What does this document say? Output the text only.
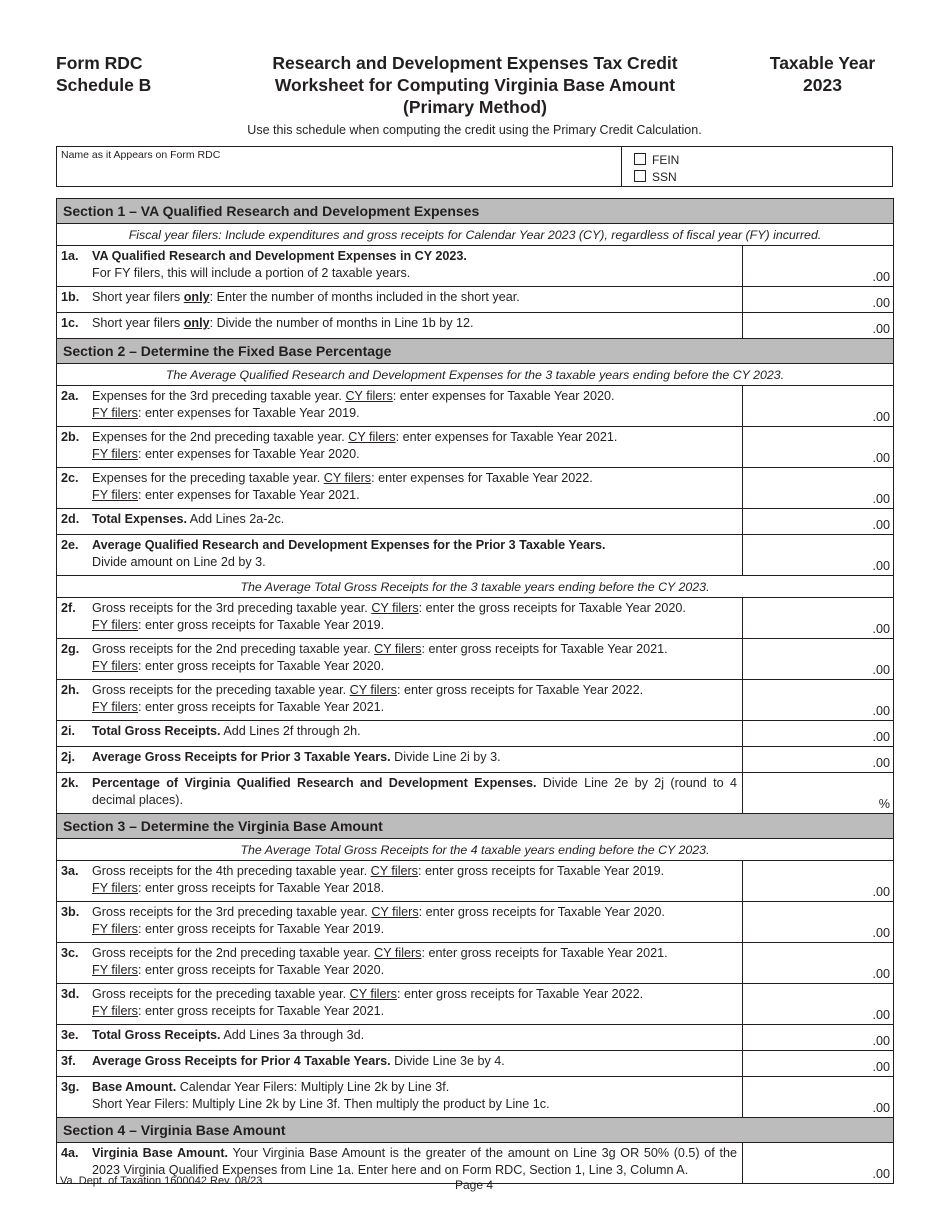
Form RDC
Schedule B
Research and Development Expenses Tax Credit
Worksheet for Computing Virginia Base Amount
(Primary Method)
Taxable Year
2023
Use this schedule when computing the credit using the Primary Credit Calculation.
Name as it Appears on Form RDC	FEIN
SSN
Section 1 – VA Qualified Research and Development Expenses	
Fiscal year filers: Include expenditures and gross receipts for Calendar Year 2023 (CY), regardless of fiscal year (FY) incurred.	

1a. VA Qualified Research and Development Expenses in CY 2023.
For FY filers, this will include a portion of 2 taxable years.	.00

1b. Short year filers only: Enter the number of months included in the short year.	.00

1c. Short year filers only: Divide the number of months in Line 1b by 12.	.00
Section 2 – Determine the Fixed Base Percentage	
The Average Qualified Research and Development Expenses for the 3 taxable years ending before the CY 2023.	

2a. Expenses for the 3rd preceding taxable year. CY filers: enter expenses for Taxable Year 2020.
FY filers: enter expenses for Taxable Year 2019.	.00

2b. Expenses for the 2nd preceding taxable year. CY filers: enter expenses for Taxable Year 2021.
FY filers: enter expenses for Taxable Year 2020.	.00

2c. Expenses for the preceding taxable year. CY filers: enter expenses for Taxable Year 2022.
FY filers: enter expenses for Taxable Year 2021.	.00

2d. Total Expenses. Add Lines 2a-2c.	.00

2e. Average Qualified Research and Development Expenses for the Prior 3 Taxable Years.
Divide amount on Line 2d by 3.	.00
The Average Total Gross Receipts for the 3 taxable years ending before the CY 2023.	

2f. Gross receipts for the 3rd preceding taxable year. CY filers: enter the gross receipts for Taxable Year 2020.
FY filers: enter gross receipts for Taxable Year 2019.	.00

2g. Gross receipts for the 2nd preceding taxable year. CY filers: enter gross receipts for Taxable Year 2021.
FY filers: enter gross receipts for Taxable Year 2020.	.00

2h. Gross receipts for the preceding taxable year. CY filers: enter gross receipts for Taxable Year 2022.
FY filers: enter gross receipts for Taxable Year 2021.	.00

2i. Total Gross Receipts. Add Lines 2f through 2h.	.00

2j. Average Gross Receipts for Prior 3 Taxable Years. Divide Line 2i by 3.	.00

2k. Percentage of Virginia Qualified Research and Development Expenses. Divide Line 2e by 2j (round to 4 decimal places).	%
Section 3 – Determine the Virginia Base Amount	
The Average Total Gross Receipts for the 4 taxable years ending before the CY 2023.	

3a. Gross receipts for the 4th preceding taxable year. CY filers: enter gross receipts for Taxable Year 2019.
FY filers: enter gross receipts for Taxable Year 2018.	.00

3b. Gross receipts for the 3rd preceding taxable year. CY filers: enter gross receipts for Taxable Year 2020.
FY filers: enter gross receipts for Taxable Year 2019.	.00

3c. Gross receipts for the 2nd preceding taxable year. CY filers: enter gross receipts for Taxable Year 2021.
FY filers: enter gross receipts for Taxable Year 2020.	.00

3d. Gross receipts for the preceding taxable year. CY filers: enter gross receipts for Taxable Year 2022.
FY filers: enter gross receipts for Taxable Year 2021.	.00

3e. Total Gross Receipts. Add Lines 3a through 3d.	.00

3f. Average Gross Receipts for Prior 4 Taxable Years. Divide Line 3e by 4.	.00

3g. Base Amount. Calendar Year Filers: Multiply Line 2k by Line 3f.
Short Year Filers: Multiply Line 2k by Line 3f. Then multiply the product by Line 1c.	.00
Section 4 – Virginia Base Amount	

4a. Virginia Base Amount. Your Virginia Base Amount is the greater of the amount on Line 3g OR 50% (0.5) of the 2023 Virginia Qualified Expenses from Line 1a. Enter here and on Form RDC, Section 1, Line 3, Column A.	.00
Va. Dept. of Taxation 1600042 Rev. 08/23	Page 4
